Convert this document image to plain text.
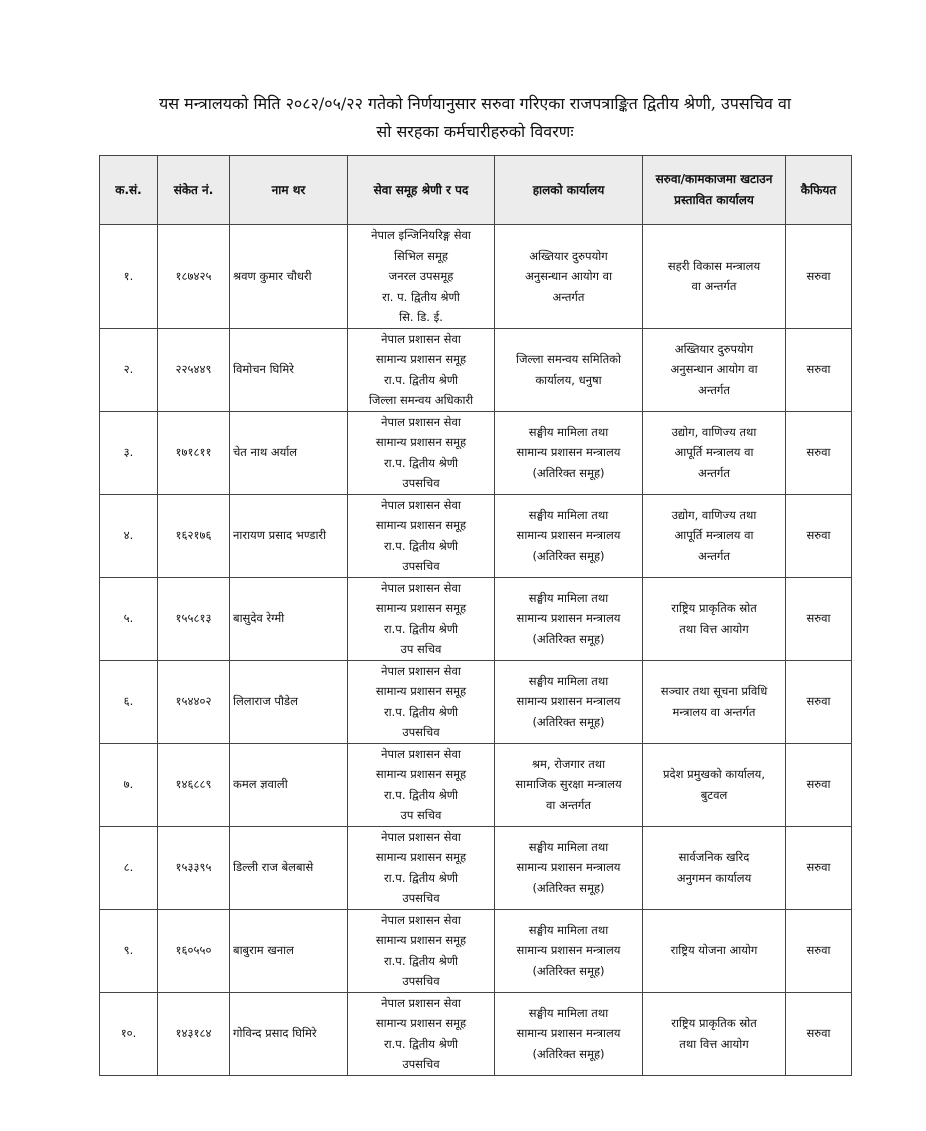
यस मन्त्रालयको मिति २०८२/०५/२२ गतेको निर्णयानुसार सरुवा गरिएका राजपत्राङ्कित द्वितीय श्रेणी, उपसचिव वा
सो सरहका कर्मचारीहरुको विवरणः
क.सं.	संकेत नं.	नाम थर	सेवा समूह श्रेणी र पद	हालको कार्यालय	सरुवा/कामकाजमा खटाउन प्रस्तावित कार्यालय	कैफियत
१.	१८७४२५	श्रवण कुमार चौधरी	नेपाल इन्जिनियरिङ्ग सेवा
सिभिल समूह
जनरल उपसमूह
रा. प. द्वितीय श्रेणी
सि. डि. ई.	अख्तियार दुरुपयोग
अनुसन्धान आयोग वा
अन्तर्गत	सहरी विकास मन्त्रालय
वा अन्तर्गत	सरुवा
२.	२२५४४९	विमोचन घिमिरे	नेपाल प्रशासन सेवा
सामान्य प्रशासन समूह
रा.प. द्वितीय श्रेणी
जिल्ला समन्वय अधिकारी	जिल्ला समन्वय समितिको
कार्यालय, धनुषा	अख्तियार दुरुपयोग
अनुसन्धान आयोग वा
अन्तर्गत	सरुवा
३.	१७१८११	चेत नाथ अर्याल	नेपाल प्रशासन सेवा
सामान्य प्रशासन समूह
रा.प. द्वितीय श्रेणी
उपसचिव	सङ्घीय मामिला तथा
सामान्य प्रशासन मन्त्रालय
(अतिरिक्त समूह)	उद्योग, वाणिज्य तथा
आपूर्ति मन्त्रालय वा
अन्तर्गत	सरुवा
४.	१६२१७६	नारायण प्रसाद भण्डारी	नेपाल प्रशासन सेवा
सामान्य प्रशासन समूह
रा.प. द्वितीय श्रेणी
उपसचिव	सङ्घीय मामिला तथा
सामान्य प्रशासन मन्त्रालय
(अतिरिक्त समूह)	उद्योग, वाणिज्य तथा
आपूर्ति मन्त्रालय वा
अन्तर्गत	सरुवा
५.	१५५८१३	बासुदेव रेग्मी	नेपाल प्रशासन सेवा
सामान्य प्रशासन समूह
रा.प. द्वितीय श्रेणी
उप सचिव	सङ्घीय मामिला तथा
सामान्य प्रशासन मन्त्रालय
(अतिरिक्त समूह)	राष्ट्रिय प्राकृतिक स्रोत
तथा वित्त आयोग	सरुवा
६.	१५४४०२	लिलाराज पौडेल	नेपाल प्रशासन सेवा
सामान्य प्रशासन समूह
रा.प. द्वितीय श्रेणी
उपसचिव	सङ्घीय मामिला तथा
सामान्य प्रशासन मन्त्रालय
(अतिरिक्त समूह)	सञ्चार तथा सूचना प्रविधि
मन्त्रालय वा अन्तर्गत	सरुवा
७.	१४६८८९	कमल ज्ञवाली	नेपाल प्रशासन सेवा
सामान्य प्रशासन समूह
रा.प. द्वितीय श्रेणी
उप सचिव	श्रम, रोजगार तथा
सामाजिक सुरक्षा मन्त्रालय
वा अन्तर्गत	प्रदेश प्रमुखको कार्यालय,
बुटवल	सरुवा
८.	१५३३९५	डिल्ली राज बेलबासे	नेपाल प्रशासन सेवा
सामान्य प्रशासन समूह
रा.प. द्वितीय श्रेणी
उपसचिव	सङ्घीय मामिला तथा
सामान्य प्रशासन मन्त्रालय
(अतिरिक्त समूह)	सार्वजनिक खरिद
अनुगमन कार्यालय	सरुवा
९.	१६०५५०	बाबुराम खनाल	नेपाल प्रशासन सेवा
सामान्य प्रशासन समूह
रा.प. द्वितीय श्रेणी
उपसचिव	सङ्घीय मामिला तथा
सामान्य प्रशासन मन्त्रालय
(अतिरिक्त समूह)	राष्ट्रिय योजना आयोग	सरुवा
१०.	१४३१८४	गोविन्द प्रसाद घिमिरे	नेपाल प्रशासन सेवा
सामान्य प्रशासन समूह
रा.प. द्वितीय श्रेणी
उपसचिव	सङ्घीय मामिला तथा
सामान्य प्रशासन मन्त्रालय
(अतिरिक्त समूह)	राष्ट्रिय प्राकृतिक स्रोत
तथा वित्त आयोग	सरुवा
